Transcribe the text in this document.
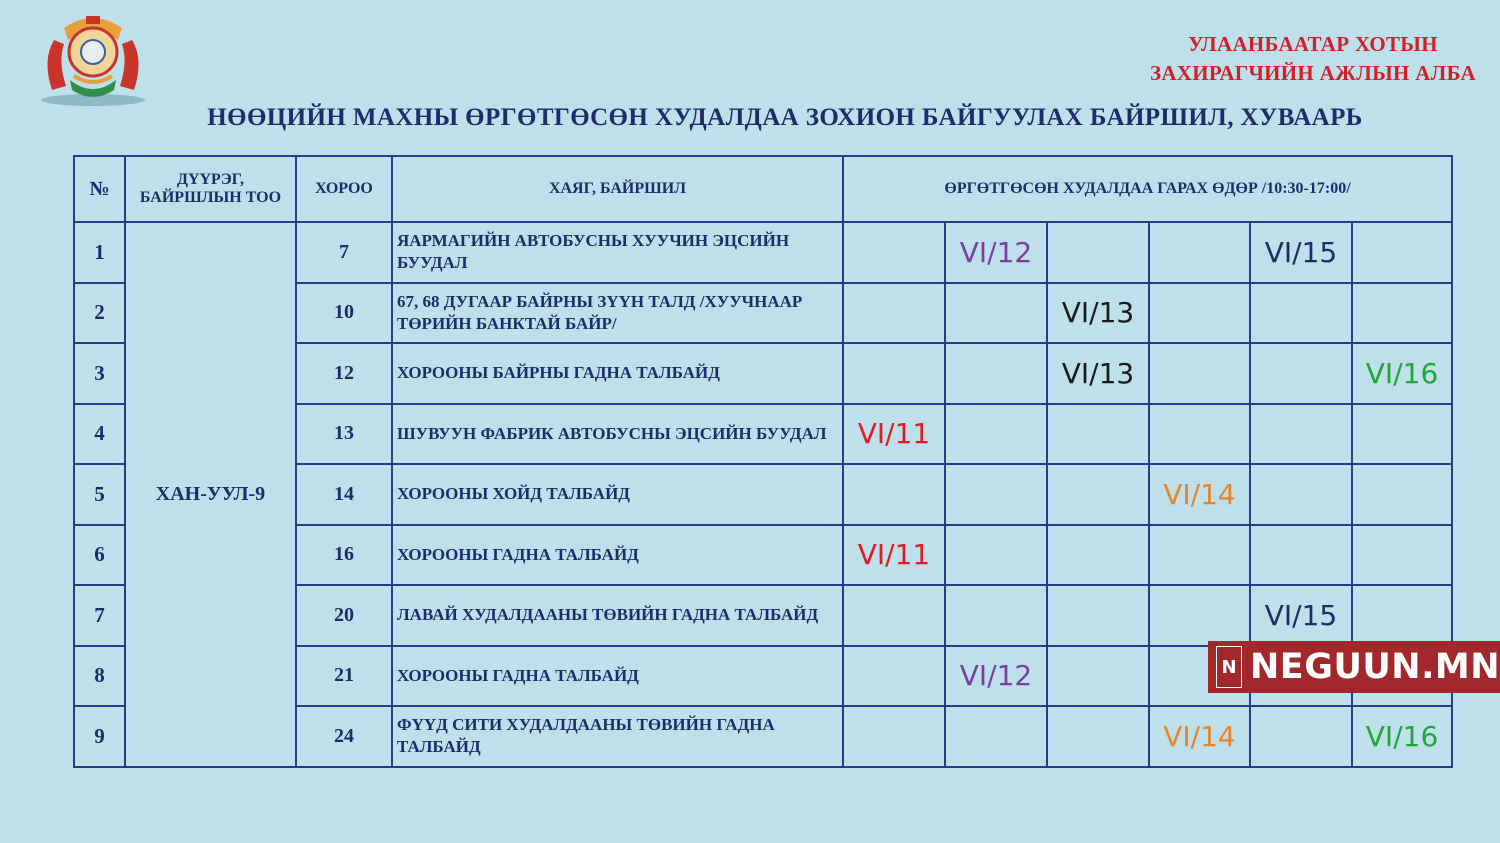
УЛААНБААТАР ХОТЫН
ЗАХИРАГЧИЙН АЖЛЫН АЛБА
НӨӨЦИЙН МАХНЫ ӨРГӨТГӨСӨН ХУДАЛДАА ЗОХИОН БАЙГУУЛАХ БАЙРШИЛ, ХУВААРЬ
№	ДҮҮРЭГ,
БАЙРШЛЫН ТОО	ХОРОО	ХАЯГ, БАЙРШИЛ	ӨРГӨТГӨСӨН ХУДАЛДАА ГАРАХ ӨДӨР /10:30-17:00/					
1	ХАН-УУЛ-9	7	ЯАРМАГИЙН АВТОБУСНЫ ХУУЧИН ЭЦСИЙН БУУДАЛ		VI/12			VI/15	
2		10	67, 68 ДУГААР БАЙРНЫ ЗҮҮН ТАЛД /ХУУЧНААР ТӨРИЙН БАНКТАЙ БАЙР/			VI/13			
3		12	ХОРООНЫ БАЙРНЫ ГАДНА ТАЛБАЙД			VI/13			VI/16
4		13	ШУВУУН ФАБРИК АВТОБУСНЫ ЭЦСИЙН БУУДАЛ	VI/11					
5		14	ХОРООНЫ ХОЙД ТАЛБАЙД				VI/14		
6		16	ХОРООНЫ ГАДНА ТАЛБАЙД	VI/11					
7		20	ЛАВАЙ ХУДАЛДААНЫ ТӨВИЙН ГАДНА ТАЛБАЙД					VI/15	
8		21	ХОРООНЫ ГАДНА ТАЛБАЙД		VI/12				
9		24	ФҮҮД СИТИ ХУДАЛДААНЫ ТӨВИЙН ГАДНА ТАЛБАЙД				VI/14		VI/16
N NEGUUN.MN
